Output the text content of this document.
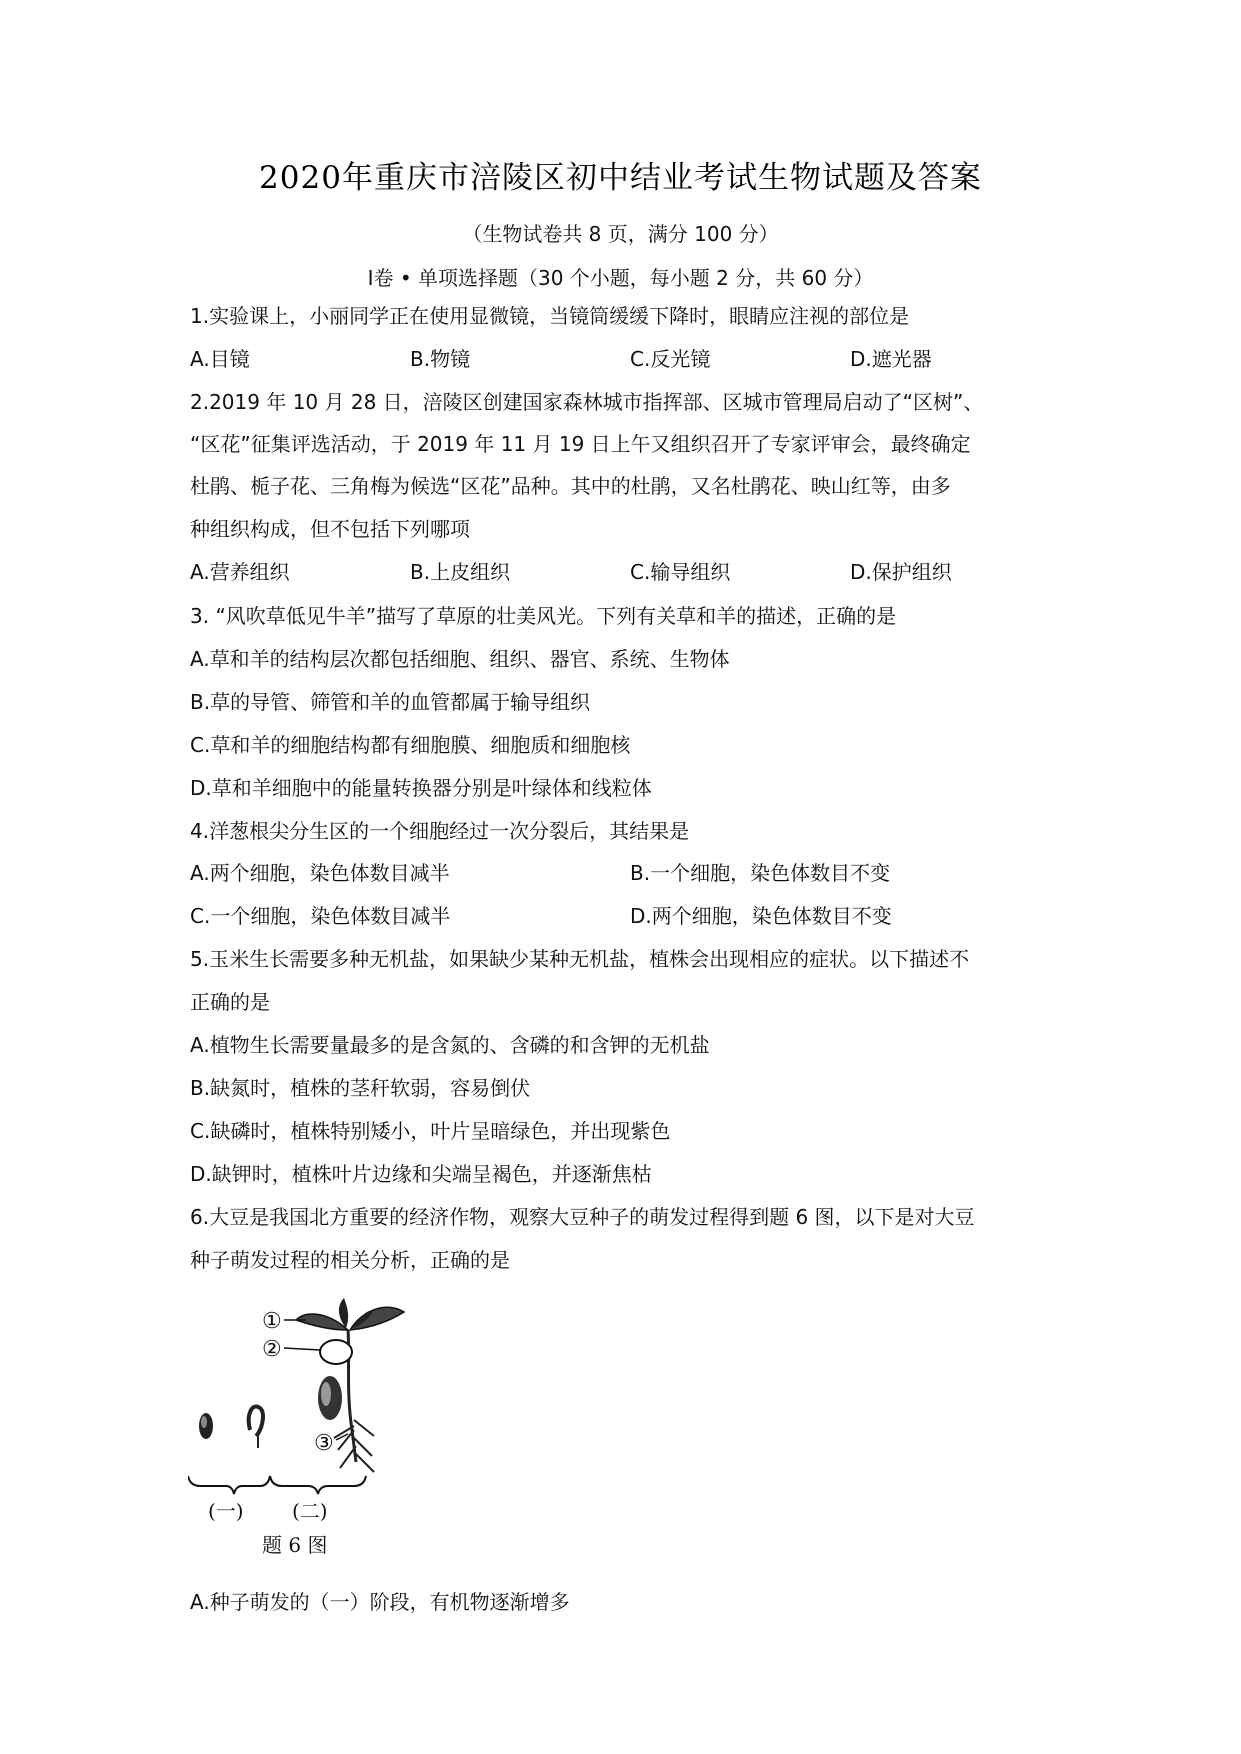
2020年重庆市涪陵区初中结业考试生物试题及答案
（生物试卷共 8 页，满分 100 分）
Ⅰ卷 • 单项选择题（30 个小题，每小题 2 分，共 60 分）
1.实验课上，小丽同学正在使用显微镜，当镜筒缓缓下降时，眼睛应注视的部位是
A.目镜	B.物镜	C.反光镜	D.遮光器
2.2019 年 10 月 28 日，涪陵区创建国家森林城市指挥部、区城市管理局启动了“区树”、
“区花”征集评选活动，于 2019 年 11 月 19 日上午又组织召开了专家评审会，最终确定
杜鹃、栀子花、三角梅为候选“区花”品种。其中的杜鹃，又名杜鹃花、映山红等，由多
种组织构成，但不包括下列哪项
A.营养组织	B.上皮组织	C.输导组织	D.保护组织
3. “风吹草低见牛羊”描写了草原的壮美风光。下列有关草和羊的描述，正确的是
A.草和羊的结构层次都包括细胞、组织、器官、系统、生物体
B.草的导管、筛管和羊的血管都属于输导组织
C.草和羊的细胞结构都有细胞膜、细胞质和细胞核
D.草和羊细胞中的能量转换器分别是叶绿体和线粒体
4.洋葱根尖分生区的一个细胞经过一次分裂后，其结果是
A.两个细胞，染色体数目减半	B.一个细胞，染色体数目不变
C.一个细胞，染色体数目减半	D.两个细胞，染色体数目不变
5.玉米生长需要多种无机盐，如果缺少某种无机盐，植株会出现相应的症状。以下描述不
正确的是
A.植物生长需要量最多的是含氮的、含磷的和含钾的无机盐
B.缺氮时，植株的茎秆软弱，容易倒伏
C.缺磷时，植株特别矮小，叶片呈暗绿色，并出现紫色
D.缺钾时，植株叶片边缘和尖端呈褐色，并逐渐焦枯
6.大豆是我国北方重要的经济作物，观察大豆种子的萌发过程得到题 6 图，以下是对大豆
种子萌发过程的相关分析，正确的是
①
②
③
(一) (二)
题 6 图
A.种子萌发的（一）阶段，有机物逐渐增多
